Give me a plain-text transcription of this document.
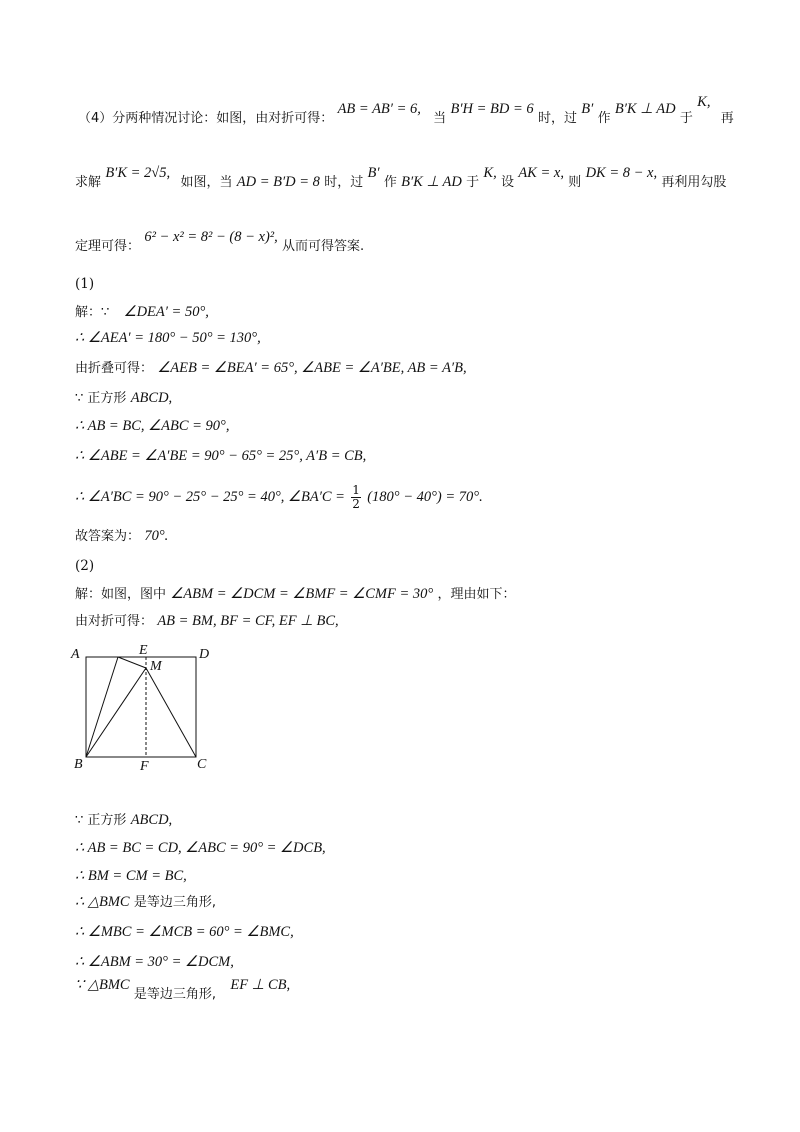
（4）分两种情况讨论：如图，由对折可得： AB = AB′ = 6, 当 B′H = BD = 6 时，过 B′ 作 B′K ⊥ AD 于 K, 再
求解 B′K = 2√5, 如图，当 AD = B′D = 8 时，过 B′ 作 B′K ⊥ AD 于 K, 设 AK = x, 则 DK = 8 − x, 再利用勾股
定理可得： 6² − x² = 8² − (8 − x)², 从而可得答案.
(1)
解：∵ ∠DEA′ = 50°,
∴ ∠AEA′ = 180° − 50° = 130°,
由折叠可得： ∠AEB = ∠BEA′ = 65°, ∠ABE = ∠A′BE, AB = A′B,
∵ 正方形 ABCD,
∴ AB = BC, ∠ABC = 90°,
∴ ∠ABE = ∠A′BE = 90° − 65° = 25°, A′B = CB,
∴ ∠A′BC = 90° − 25° − 25° = 40°, ∠BA′C = $\frac{1}{2} (180^\circ - 40^\circ) = 70^\circ$.
故答案为： 70°.
(2)
解：如图，图中 ∠ABM = ∠DCM = ∠BMF = ∠CMF = 30° ，理由如下：
由对折可得： AB = BM, BF = CF, EF ⊥ BC,
A	E	D
M
B	F	C
∵ 正方形 ABCD,
∴ AB = BC = CD, ∠ABC = 90° = ∠DCB,
∴ BM = CM = BC,
∴ △BMC 是等边三角形,
∴ ∠MBC = ∠MCB = 60° = ∠BMC,
∴ ∠ABM = 30° = ∠DCM,
∵ △BMC 是等边三角形, EF ⊥ CB,
